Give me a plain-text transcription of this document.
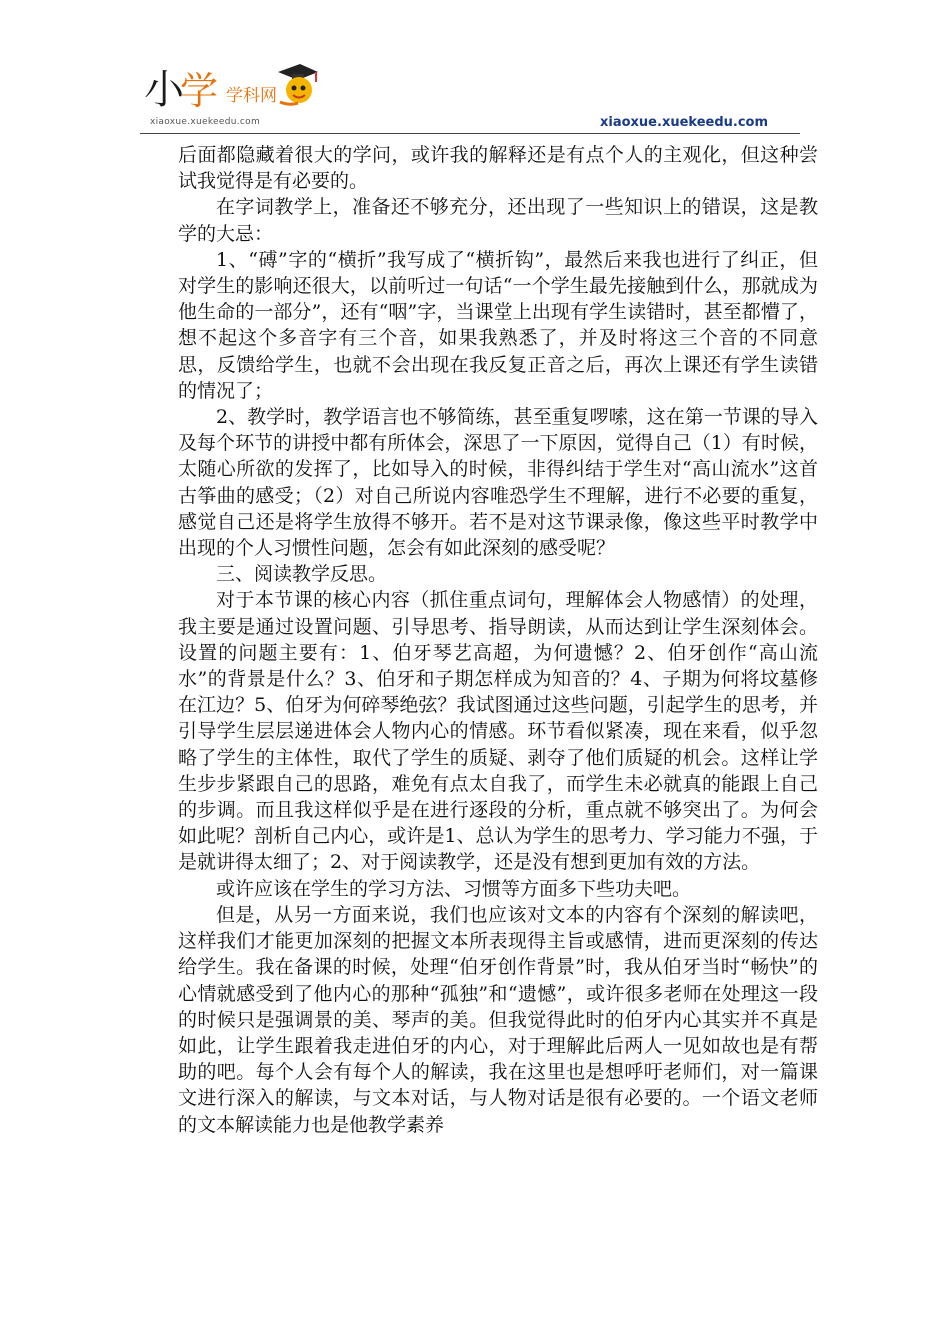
小
学 学科网
xiaoxue.xuekeedu.com	xiaoxue.xuekeedu.com

后面都隐藏着很大的学问，或许我的解释还是有点个人的主观化，但这种尝试我觉得是有必要的。

在字词教学上，准备还不够充分，还出现了一些知识上的错误，这是教学的大忌：

1、“磗”字的“横折”我写成了“横折钩”，最然后来我也进行了纠正，但对学生的影响还很大，以前听过一句话“一个学生最先接触到什么，那就成为他生命的一部分”，还有“咽”字，当课堂上出现有学生读错时，甚至都懵了，想不起这个多音字有三个音，如果我熟悉了，并及时将这三个音的不同意思，反馈给学生，也就不会出现在我反复正音之后，再次上课还有学生读错的情况了；

2、教学时，教学语言也不够简练，甚至重复啰嗦，这在第一节课的导入及每个环节的讲授中都有所体会，深思了一下原因，觉得自己（1）有时候，太随心所欲的发挥了，比如导入的时候，非得纠结于学生对“高山流水”这首古筝曲的感受；（2）对自己所说内容唯恐学生不理解，进行不必要的重复，感觉自己还是将学生放得不够开。若不是对这节课录像，像这些平时教学中出现的个人习惯性问题，怎会有如此深刻的感受呢？

三、阅读教学反思。

对于本节课的核心内容（抓住重点词句，理解体会人物感情）的处理，我主要是通过设置问题、引导思考、指导朗读，从而达到让学生深刻体会。设置的问题主要有：1、伯牙琴艺高超，为何遗憾？2、伯牙创作“高山流水”的背景是什么？3、伯牙和子期怎样成为知音的？4、子期为何将坟墓修在江边？5、伯牙为何碎琴绝弦？我试图通过这些问题，引起学生的思考，并引导学生层层递进体会人物内心的情感。环节看似紧凑，现在来看，似乎忽略了学生的主体性，取代了学生的质疑、剥夺了他们质疑的机会。这样让学生步步紧跟自己的思路，难免有点太自我了，而学生未必就真的能跟上自己的步调。而且我这样似乎是在进行逐段的分析，重点就不够突出了。为何会如此呢？剖析自己内心，或许是1、总认为学生的思考力、学习能力不强，于是就讲得太细了；2、对于阅读教学，还是没有想到更加有效的方法。

或许应该在学生的学习方法、习惯等方面多下些功夫吧。

但是，从另一方面来说，我们也应该对文本的内容有个深刻的解读吧，这样我们才能更加深刻的把握文本所表现得主旨或感情，进而更深刻的传达给学生。我在备课的时候，处理“伯牙创作背景”时，我从伯牙当时“畅快”的心情就感受到了他内心的那种“孤独”和“遗憾”，或许很多老师在处理这一段的时候只是强调景的美、琴声的美。但我觉得此时的伯牙内心其实并不真是如此，让学生跟着我走进伯牙的内心，对于理解此后两人一见如故也是有帮助的吧。每个人会有每个人的解读，我在这里也是想呼吁老师们，对一篇课文进行深入的解读，与文本对话，与人物对话是很有必要的。一个语文老师的文本解读能力也是他教学素养
